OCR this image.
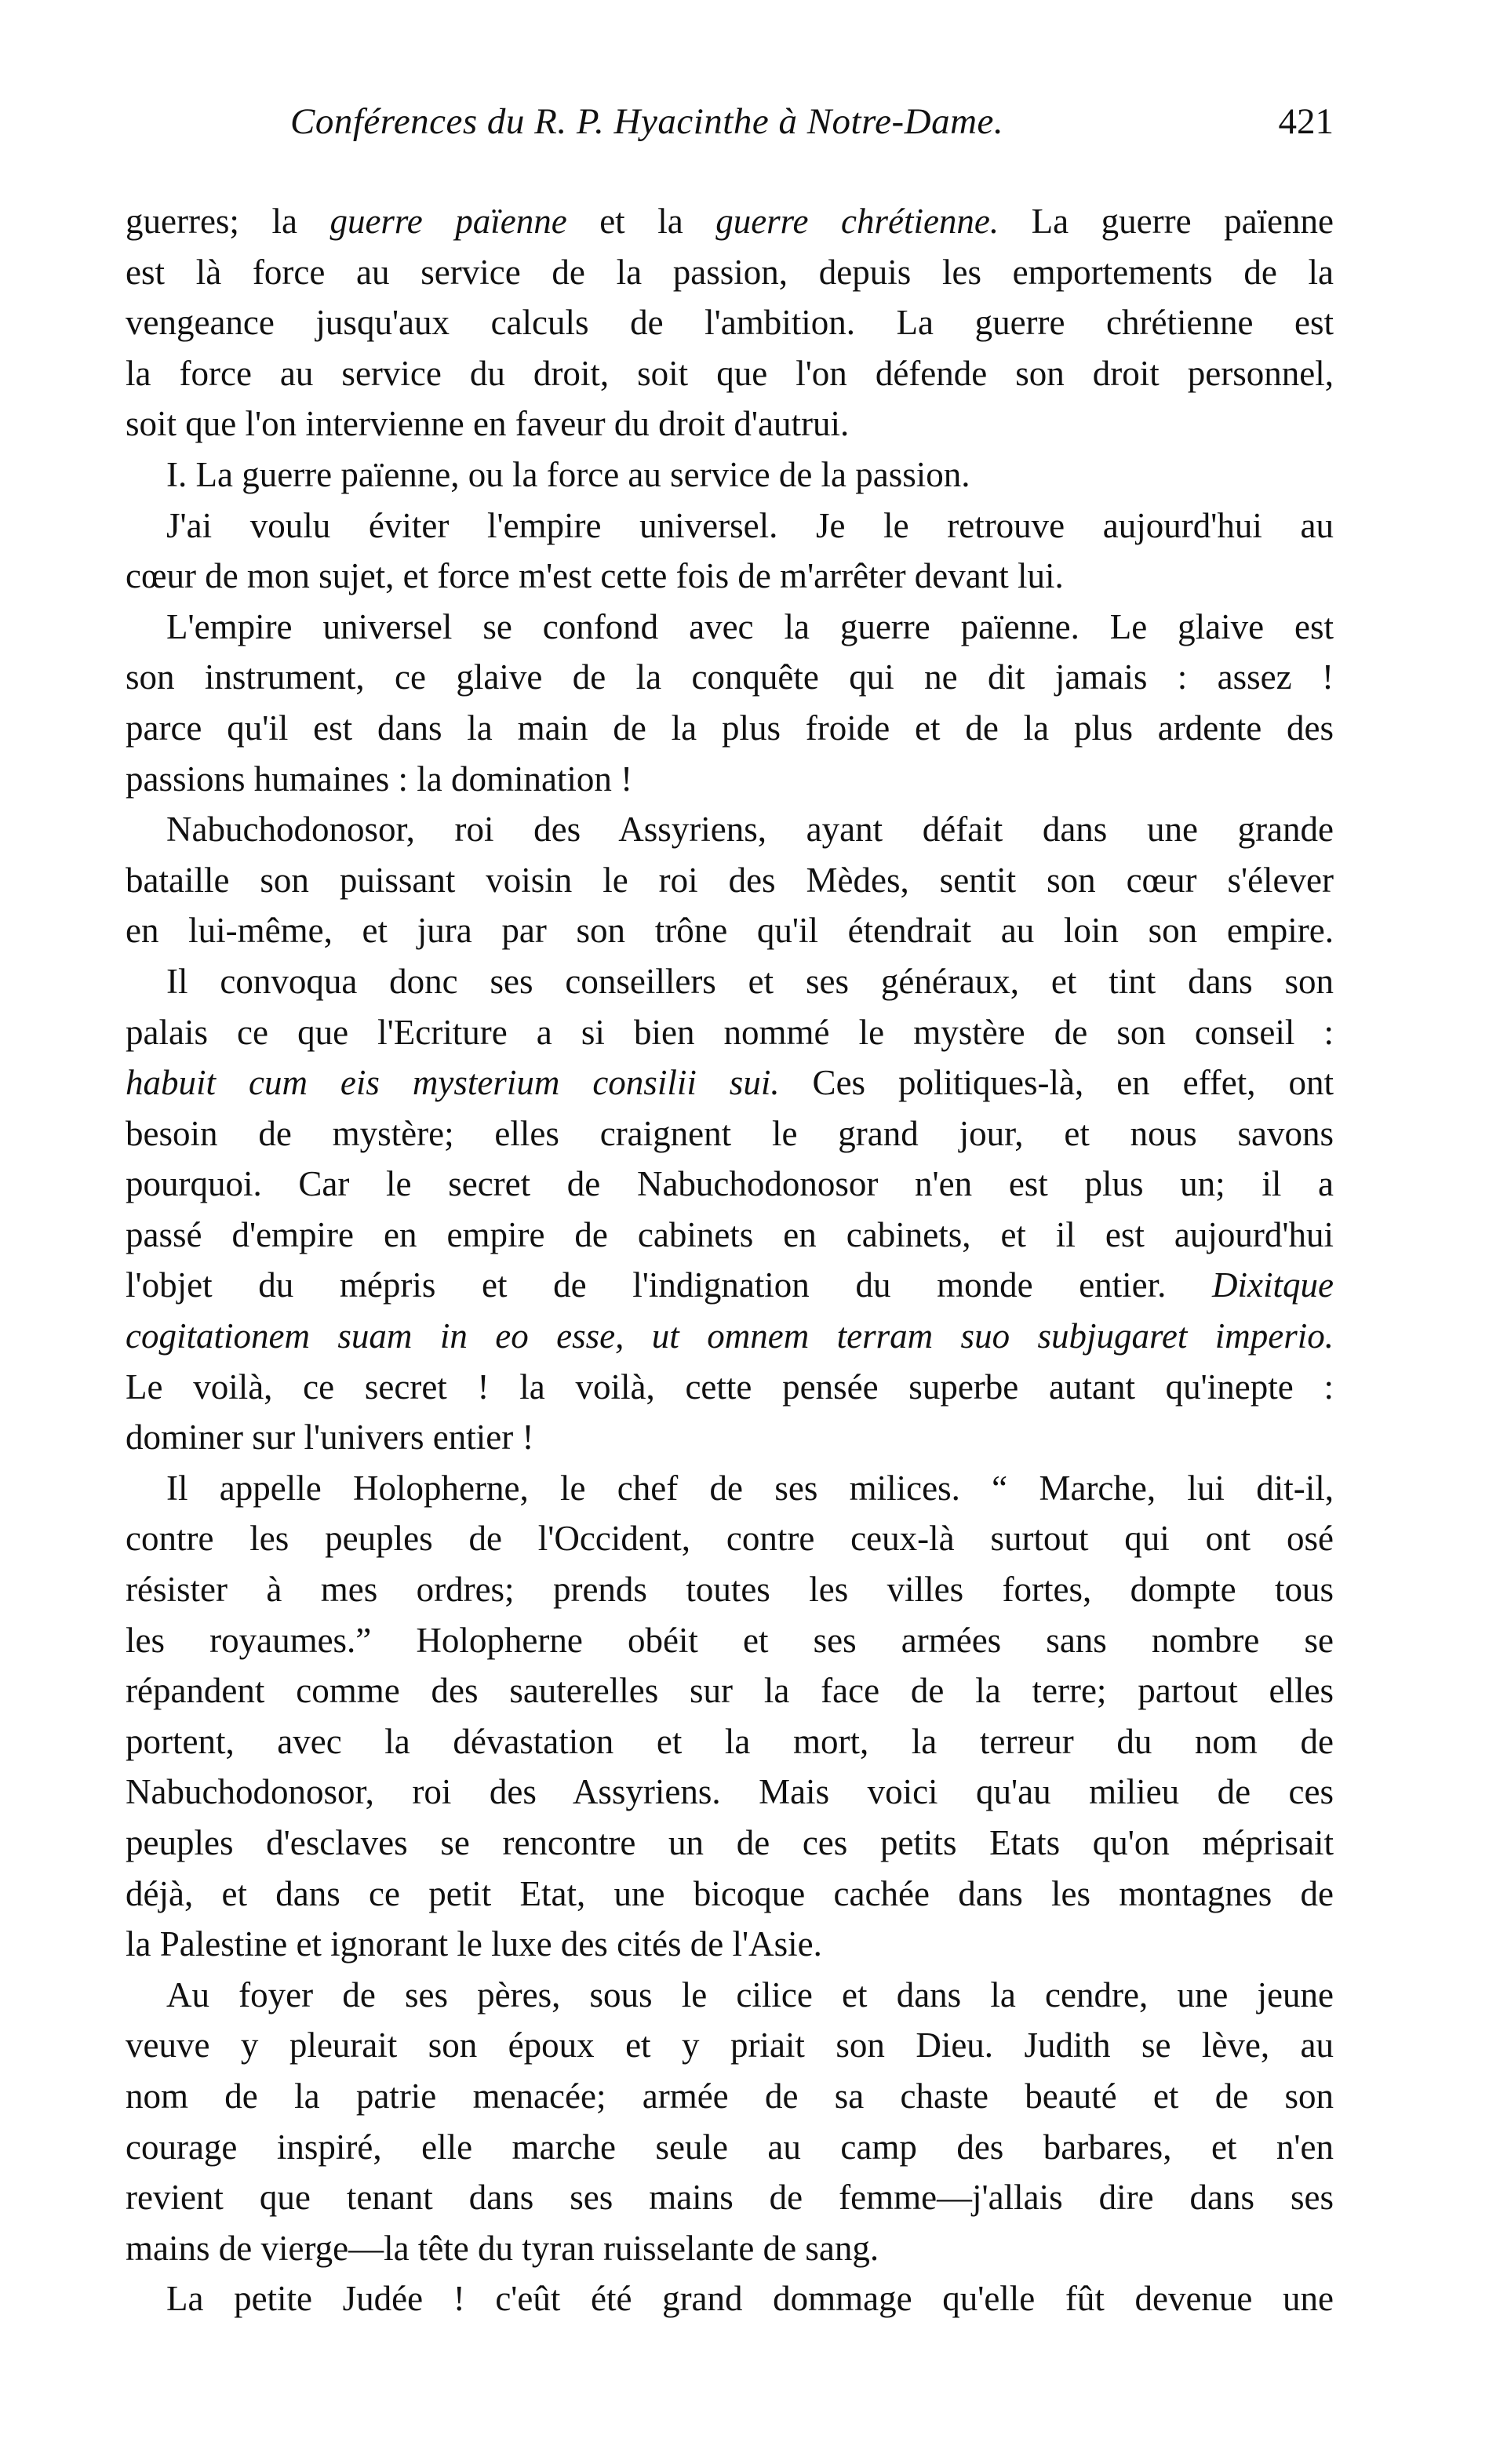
Conférences du R. P. Hyacinthe à Notre-Dame.	421
guerres; la guerre païenne et la guerre chrétienne. La guerre païenne
est là force au service de la passion, depuis les emportements de la
vengeance jusqu'aux calculs de l'ambition. La guerre chrétienne est
la force au service du droit, soit que l'on défende son droit personnel,
soit que l'on intervienne en faveur du droit d'autrui.
I. La guerre païenne, ou la force au service de la passion.
J'ai voulu éviter l'empire universel. Je le retrouve aujourd'hui au
cœur de mon sujet, et force m'est cette fois de m'arrêter devant lui.
L'empire universel se confond avec la guerre païenne. Le glaive est
son instrument, ce glaive de la conquête qui ne dit jamais : assez !
parce qu'il est dans la main de la plus froide et de la plus ardente des
passions humaines : la domination !
Nabuchodonosor, roi des Assyriens, ayant défait dans une grande
bataille son puissant voisin le roi des Mèdes, sentit son cœur s'élever
en lui-même, et jura par son trône qu'il étendrait au loin son empire.
Il convoqua donc ses conseillers et ses généraux, et tint dans son
palais ce que l'Ecriture a si bien nommé le mystère de son conseil :
habuit cum eis mysterium consilii sui. Ces politiques-là, en effet, ont
besoin de mystère; elles craignent le grand jour, et nous savons
pourquoi. Car le secret de Nabuchodonosor n'en est plus un; il a
passé d'empire en empire de cabinets en cabinets, et il est aujourd'hui
l'objet du mépris et de l'indignation du monde entier. Dixitque
cogitationem suam in eo esse, ut omnem terram suo subjugaret imperio.
Le voilà, ce secret ! la voilà, cette pensée superbe autant qu'inepte :
dominer sur l'univers entier !
Il appelle Holopherne, le chef de ses milices. “ Marche, lui dit-il,
contre les peuples de l'Occident, contre ceux-là surtout qui ont osé
résister à mes ordres; prends toutes les villes fortes, dompte tous
les royaumes.” Holopherne obéit et ses armées sans nombre se
répandent comme des sauterelles sur la face de la terre; partout elles
portent, avec la dévastation et la mort, la terreur du nom de
Nabuchodonosor, roi des Assyriens. Mais voici qu'au milieu de ces
peuples d'esclaves se rencontre un de ces petits Etats qu'on méprisait
déjà, et dans ce petit Etat, une bicoque cachée dans les montagnes de
la Palestine et ignorant le luxe des cités de l'Asie.
Au foyer de ses pères, sous le cilice et dans la cendre, une jeune
veuve y pleurait son époux et y priait son Dieu. Judith se lève, au
nom de la patrie menacée; armée de sa chaste beauté et de son
courage inspiré, elle marche seule au camp des barbares, et n'en
revient que tenant dans ses mains de femme—j'allais dire dans ses
mains de vierge—la tête du tyran ruisselante de sang.
La petite Judée ! c'eût été grand dommage qu'elle fût devenue une
